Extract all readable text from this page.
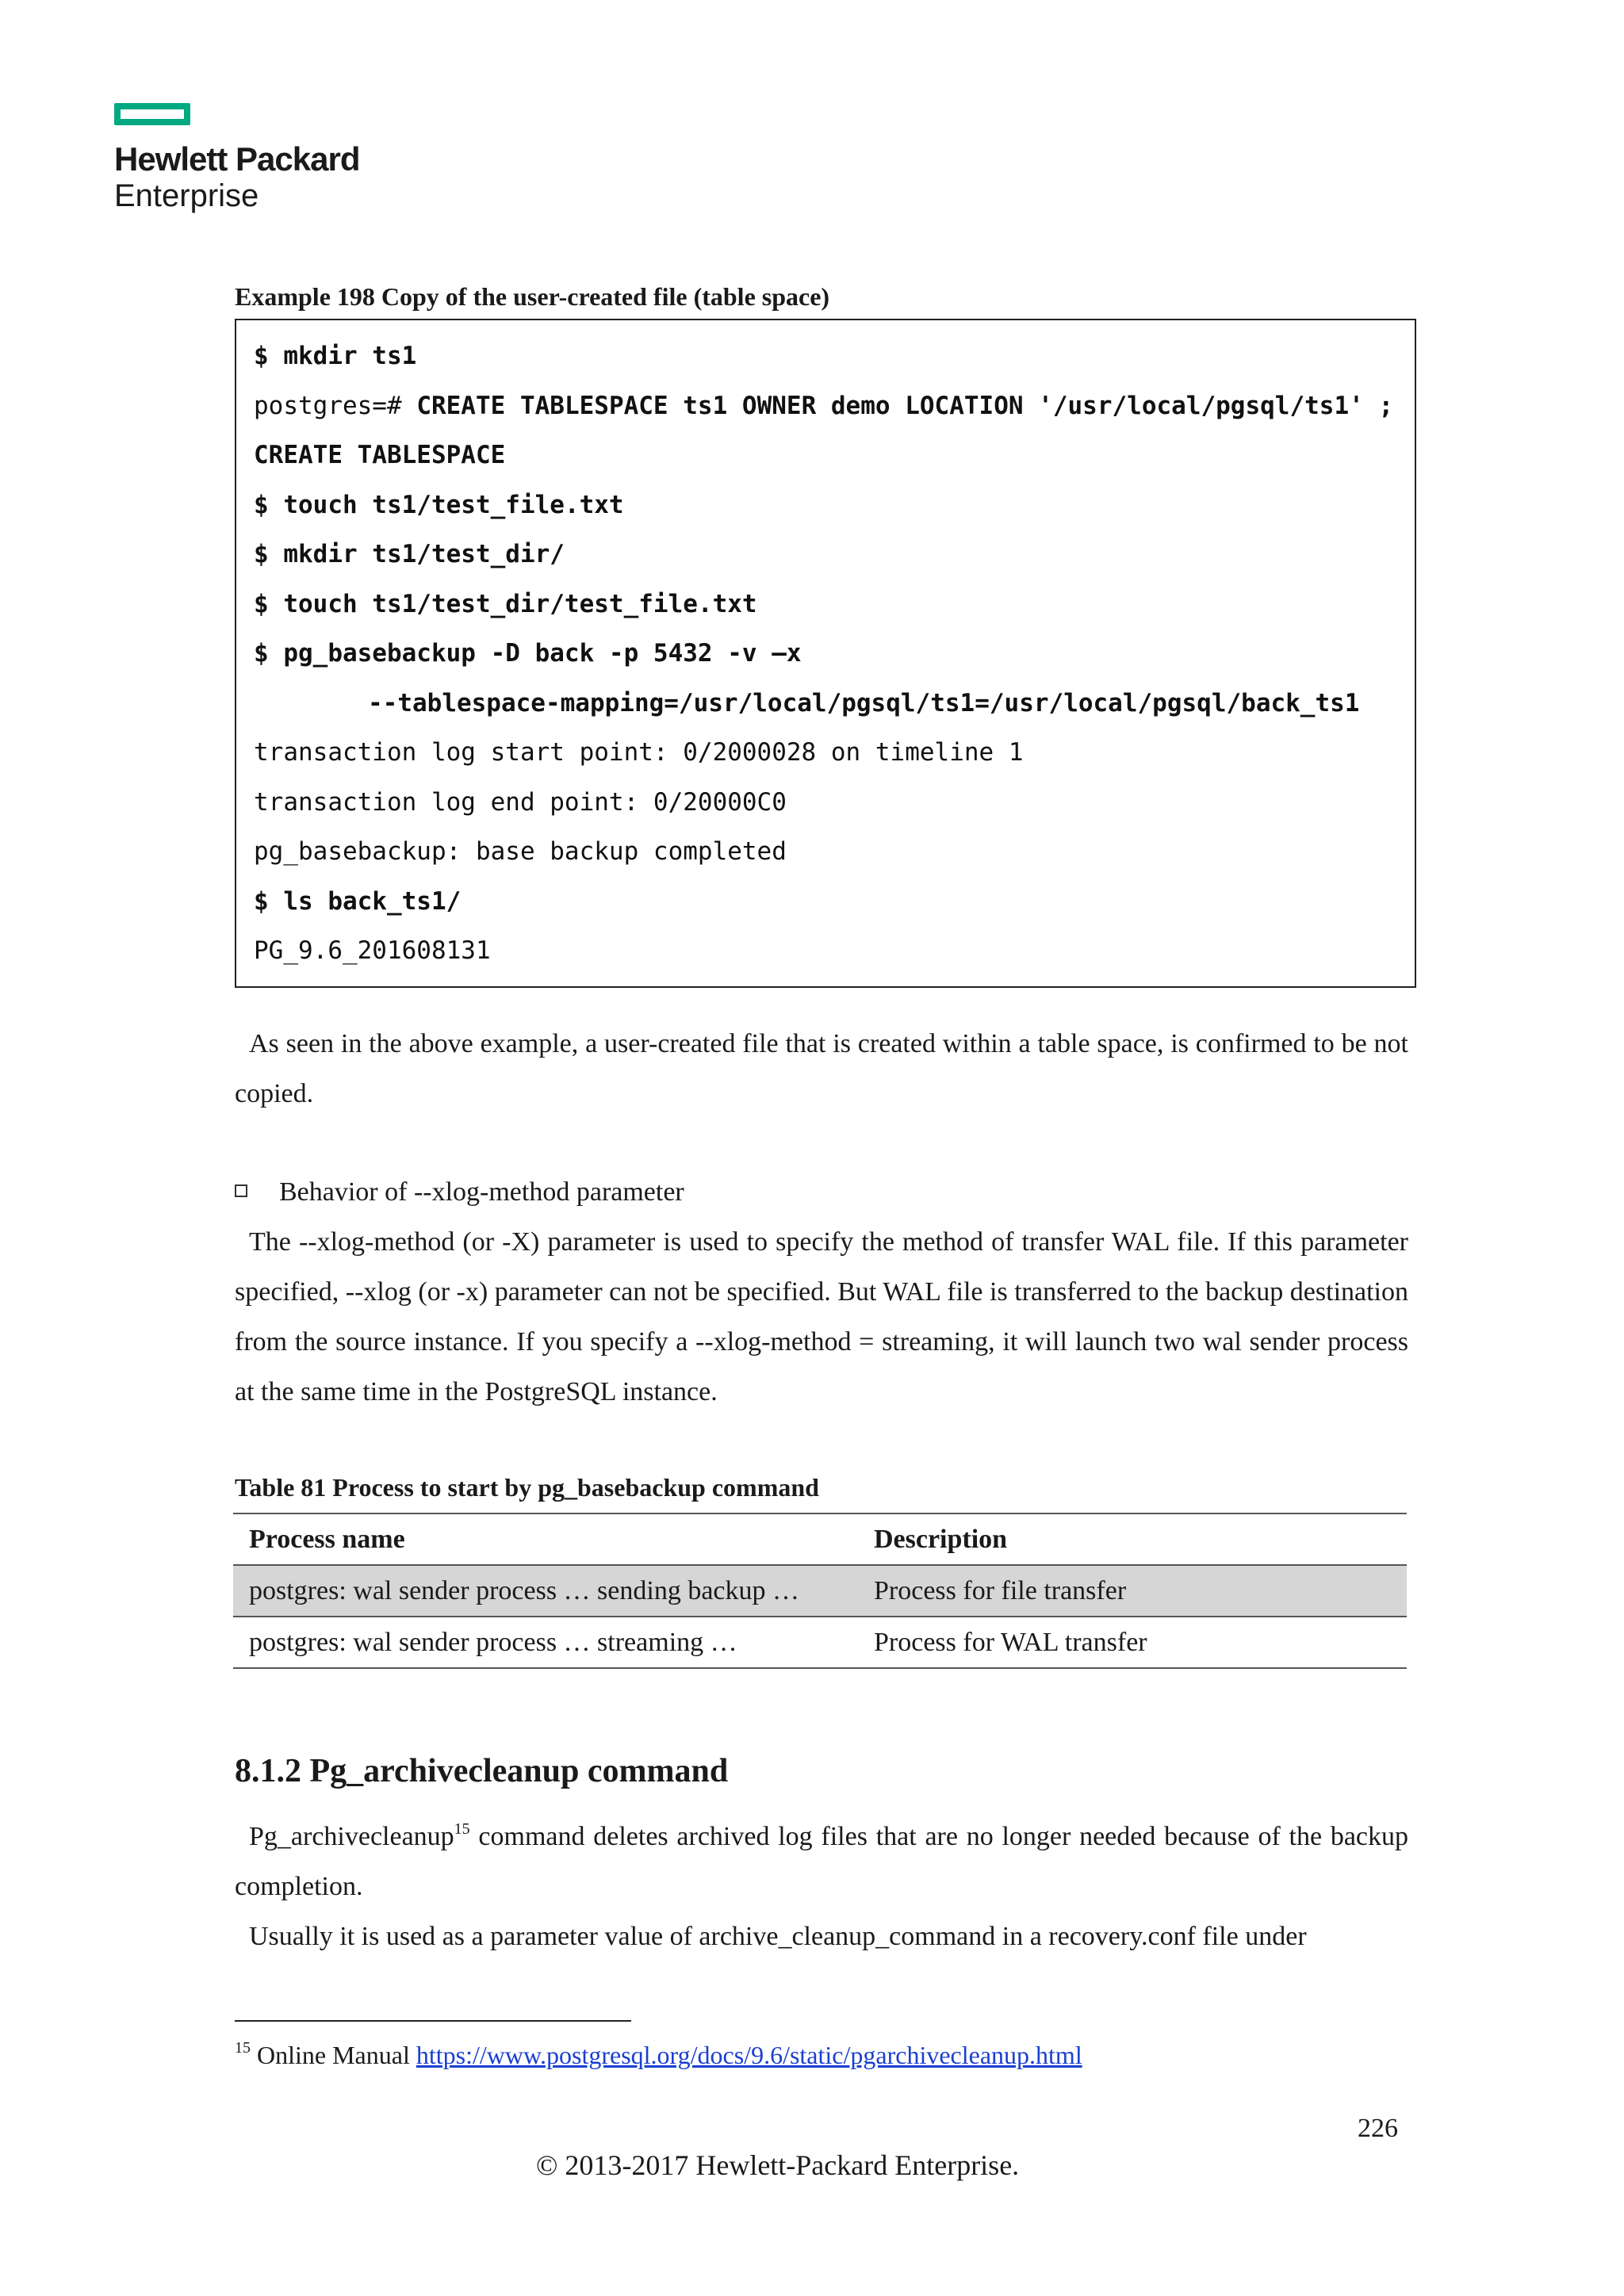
Hewlett Packard
Enterprise
Example 198 Copy of the user-created file (table space)
$ mkdir ts1
postgres=# CREATE TABLESPACE ts1 OWNER demo LOCATION '/usr/local/pgsql/ts1' ;
CREATE TABLESPACE
$ touch ts1/test_file.txt
$ mkdir ts1/test_dir/
$ touch ts1/test_dir/test_file.txt
$ pg_basebackup -D back -p 5432 -v –x
--tablespace-mapping=/usr/local/pgsql/ts1=/usr/local/pgsql/back_ts1
transaction log start point: 0/2000028 on timeline 1
transaction log end point: 0/20000C0
pg_basebackup: base backup completed
$ ls back_ts1/
PG_9.6_201608131
As seen in the above example, a user-created file that is created within a table space, is confirmed to be not copied.
Behavior of --xlog-method parameter
The --xlog-method (or -X) parameter is used to specify the method of transfer WAL file. If this parameter specified, --xlog (or -x) parameter can not be specified. But WAL file is transferred to the backup destination from the source instance. If you specify a --xlog-method = streaming, it will launch two wal sender process at the same time in the PostgreSQL instance.
Table 81 Process to start by pg_basebackup command
Process name	Description
postgres: wal sender process … sending backup …	Process for file transfer
postgres: wal sender process … streaming …	Process for WAL transfer
8.1.2 Pg_archivecleanup command
Pg_archivecleanup$^{15}$ command deletes archived log files that are no longer needed because of the backup completion.
Usually it is used as a parameter value of archive_cleanup_command in a recovery.conf file under
$^{15}$ Online Manual https://www.postgresql.org/docs/9.6/static/pgarchivecleanup.html
226
© 2013-2017 Hewlett-Packard Enterprise.
